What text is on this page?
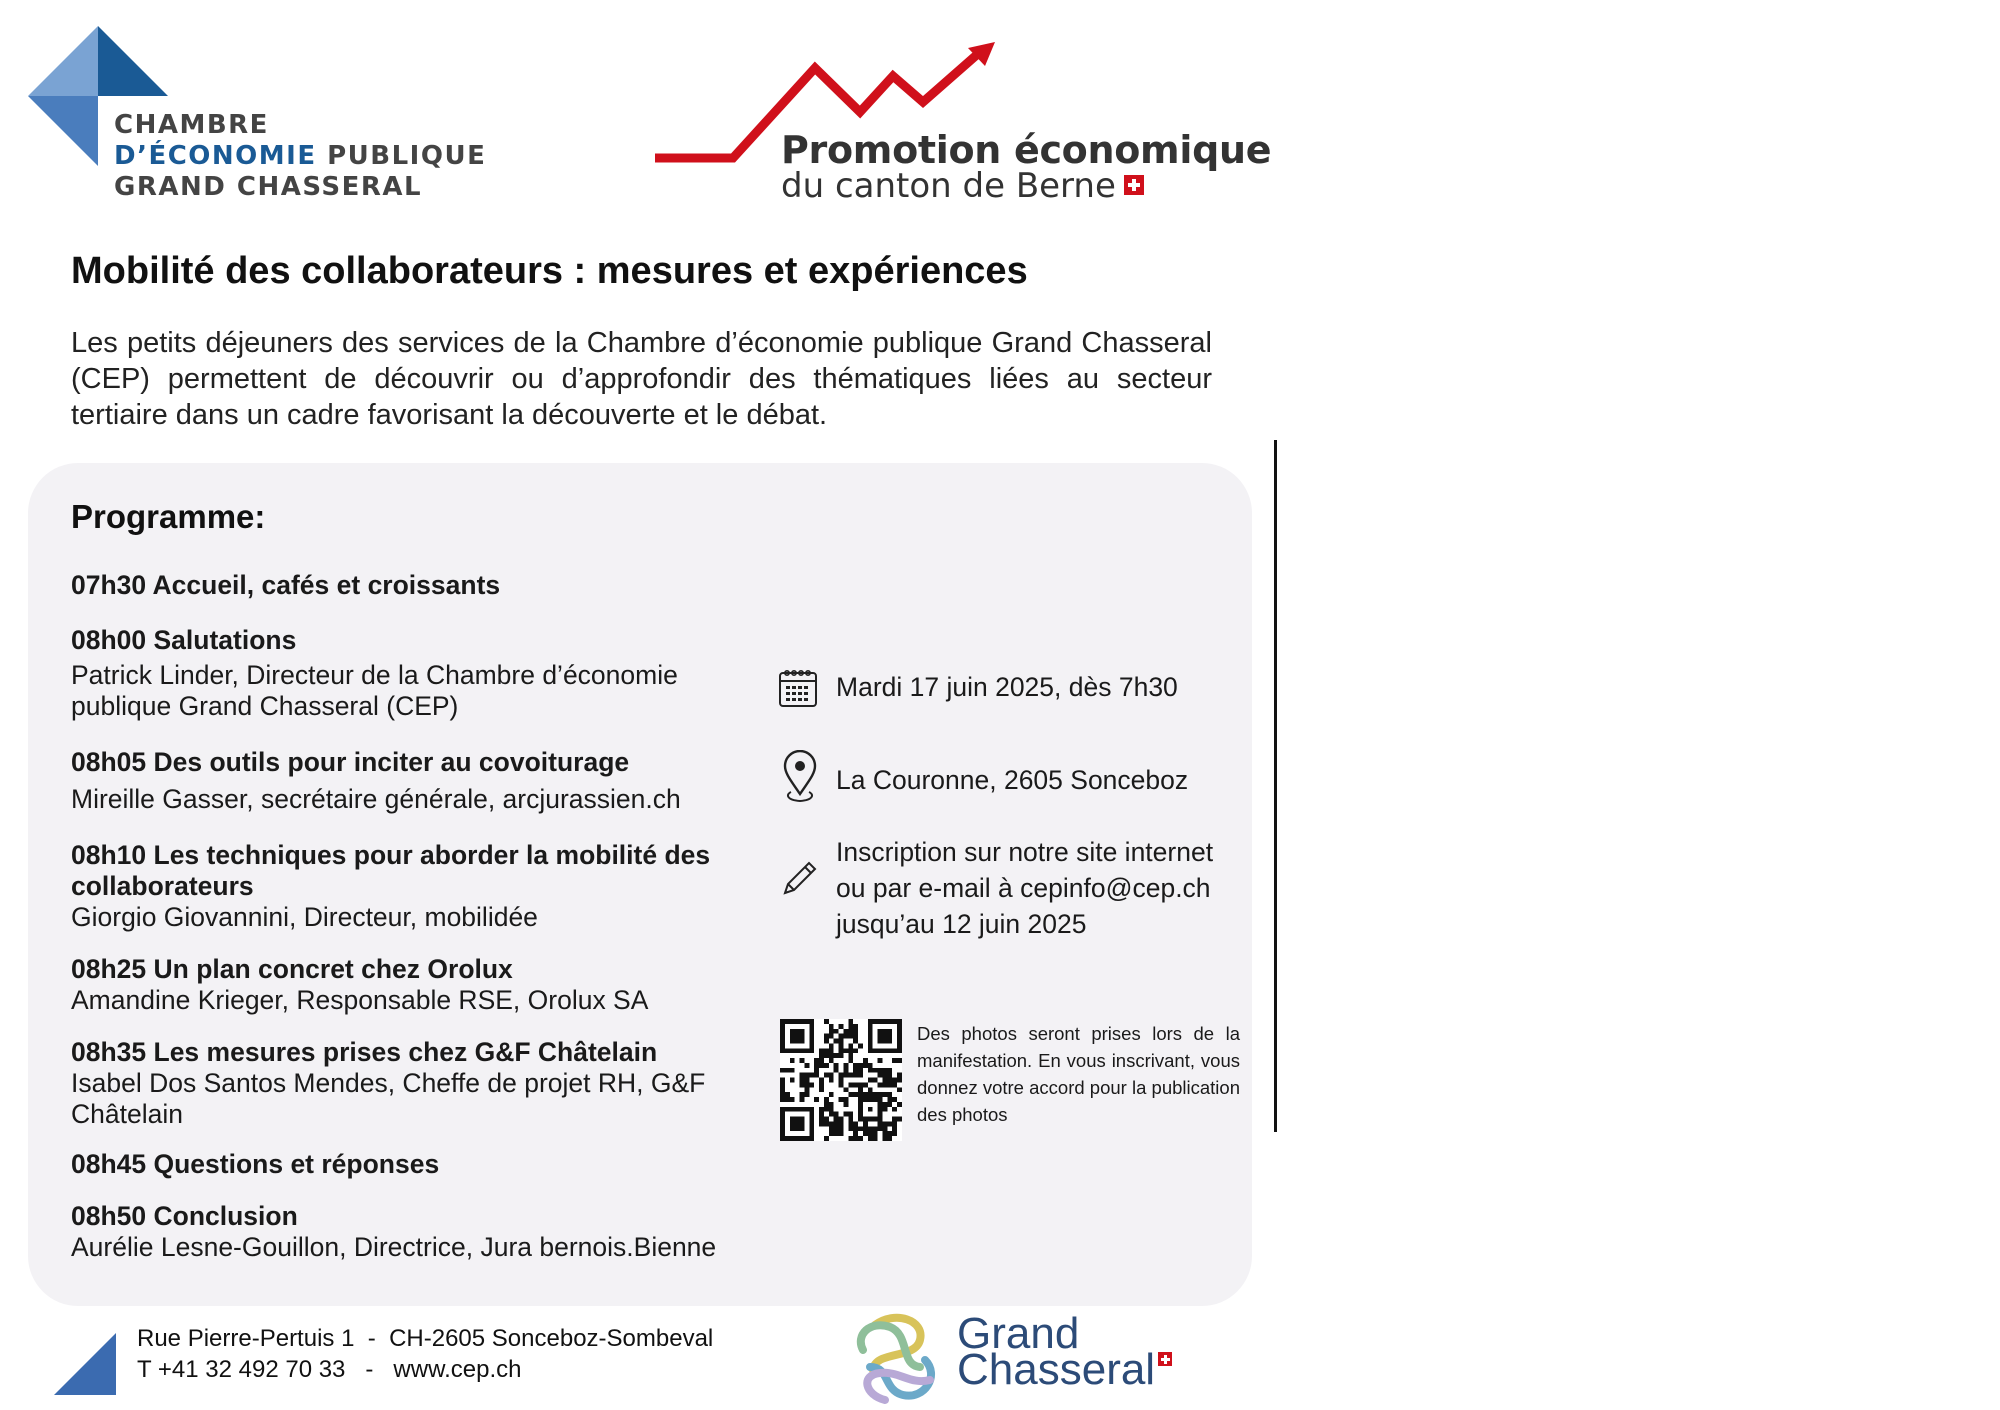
CHAMBRE
D’ÉCONOMIE PUBLIQUE
GRAND CHASSERAL
Promotion économique
du canton de Berne
Mobilité des collaborateurs : mesures et expériences
Les petits déjeuners des services de la Chambre d’économie publique Grand Chasseral (CEP) permettent de découvrir ou d’approfondir des thématiques liées au secteur tertiaire dans un cadre favorisant la découverte et le débat.
Programme:
07h30 Accueil, cafés et croissants
08h00 Salutations
Patrick Linder, Directeur de la Chambre d’économie publique Grand Chasseral (CEP)
08h05 Des outils pour inciter au covoiturage
Mireille Gasser, secrétaire générale, arcjurassien.ch
08h10 Les techniques pour aborder la mobilité des collaborateurs
Giorgio Giovannini, Directeur, mobilidée
08h25 Un plan concret chez Orolux
Amandine Krieger, Responsable RSE, Orolux SA
08h35 Les mesures prises chez G&F Châtelain
Isabel Dos Santos Mendes, Cheffe de projet RH, G&F Châtelain
08h45 Questions et réponses
08h50 Conclusion
Aurélie Lesne-Gouillon, Directrice, Jura bernois.Bienne
Mardi 17 juin 2025, dès 7h30
La Couronne, 2605 Sonceboz
Inscription sur notre site internet
ou par e-mail à cepinfo@cep.ch
jusqu’au 12 juin 2025
Des photos seront prises lors de la manifestation. En vous inscrivant, vous donnez votre accord pour la publication des photos
Rue Pierre-Pertuis 1  -  CH-2605 Sonceboz-Sombeval
T +41 32 492 70 33   -   www.cep.ch
Grand
Chasseral
